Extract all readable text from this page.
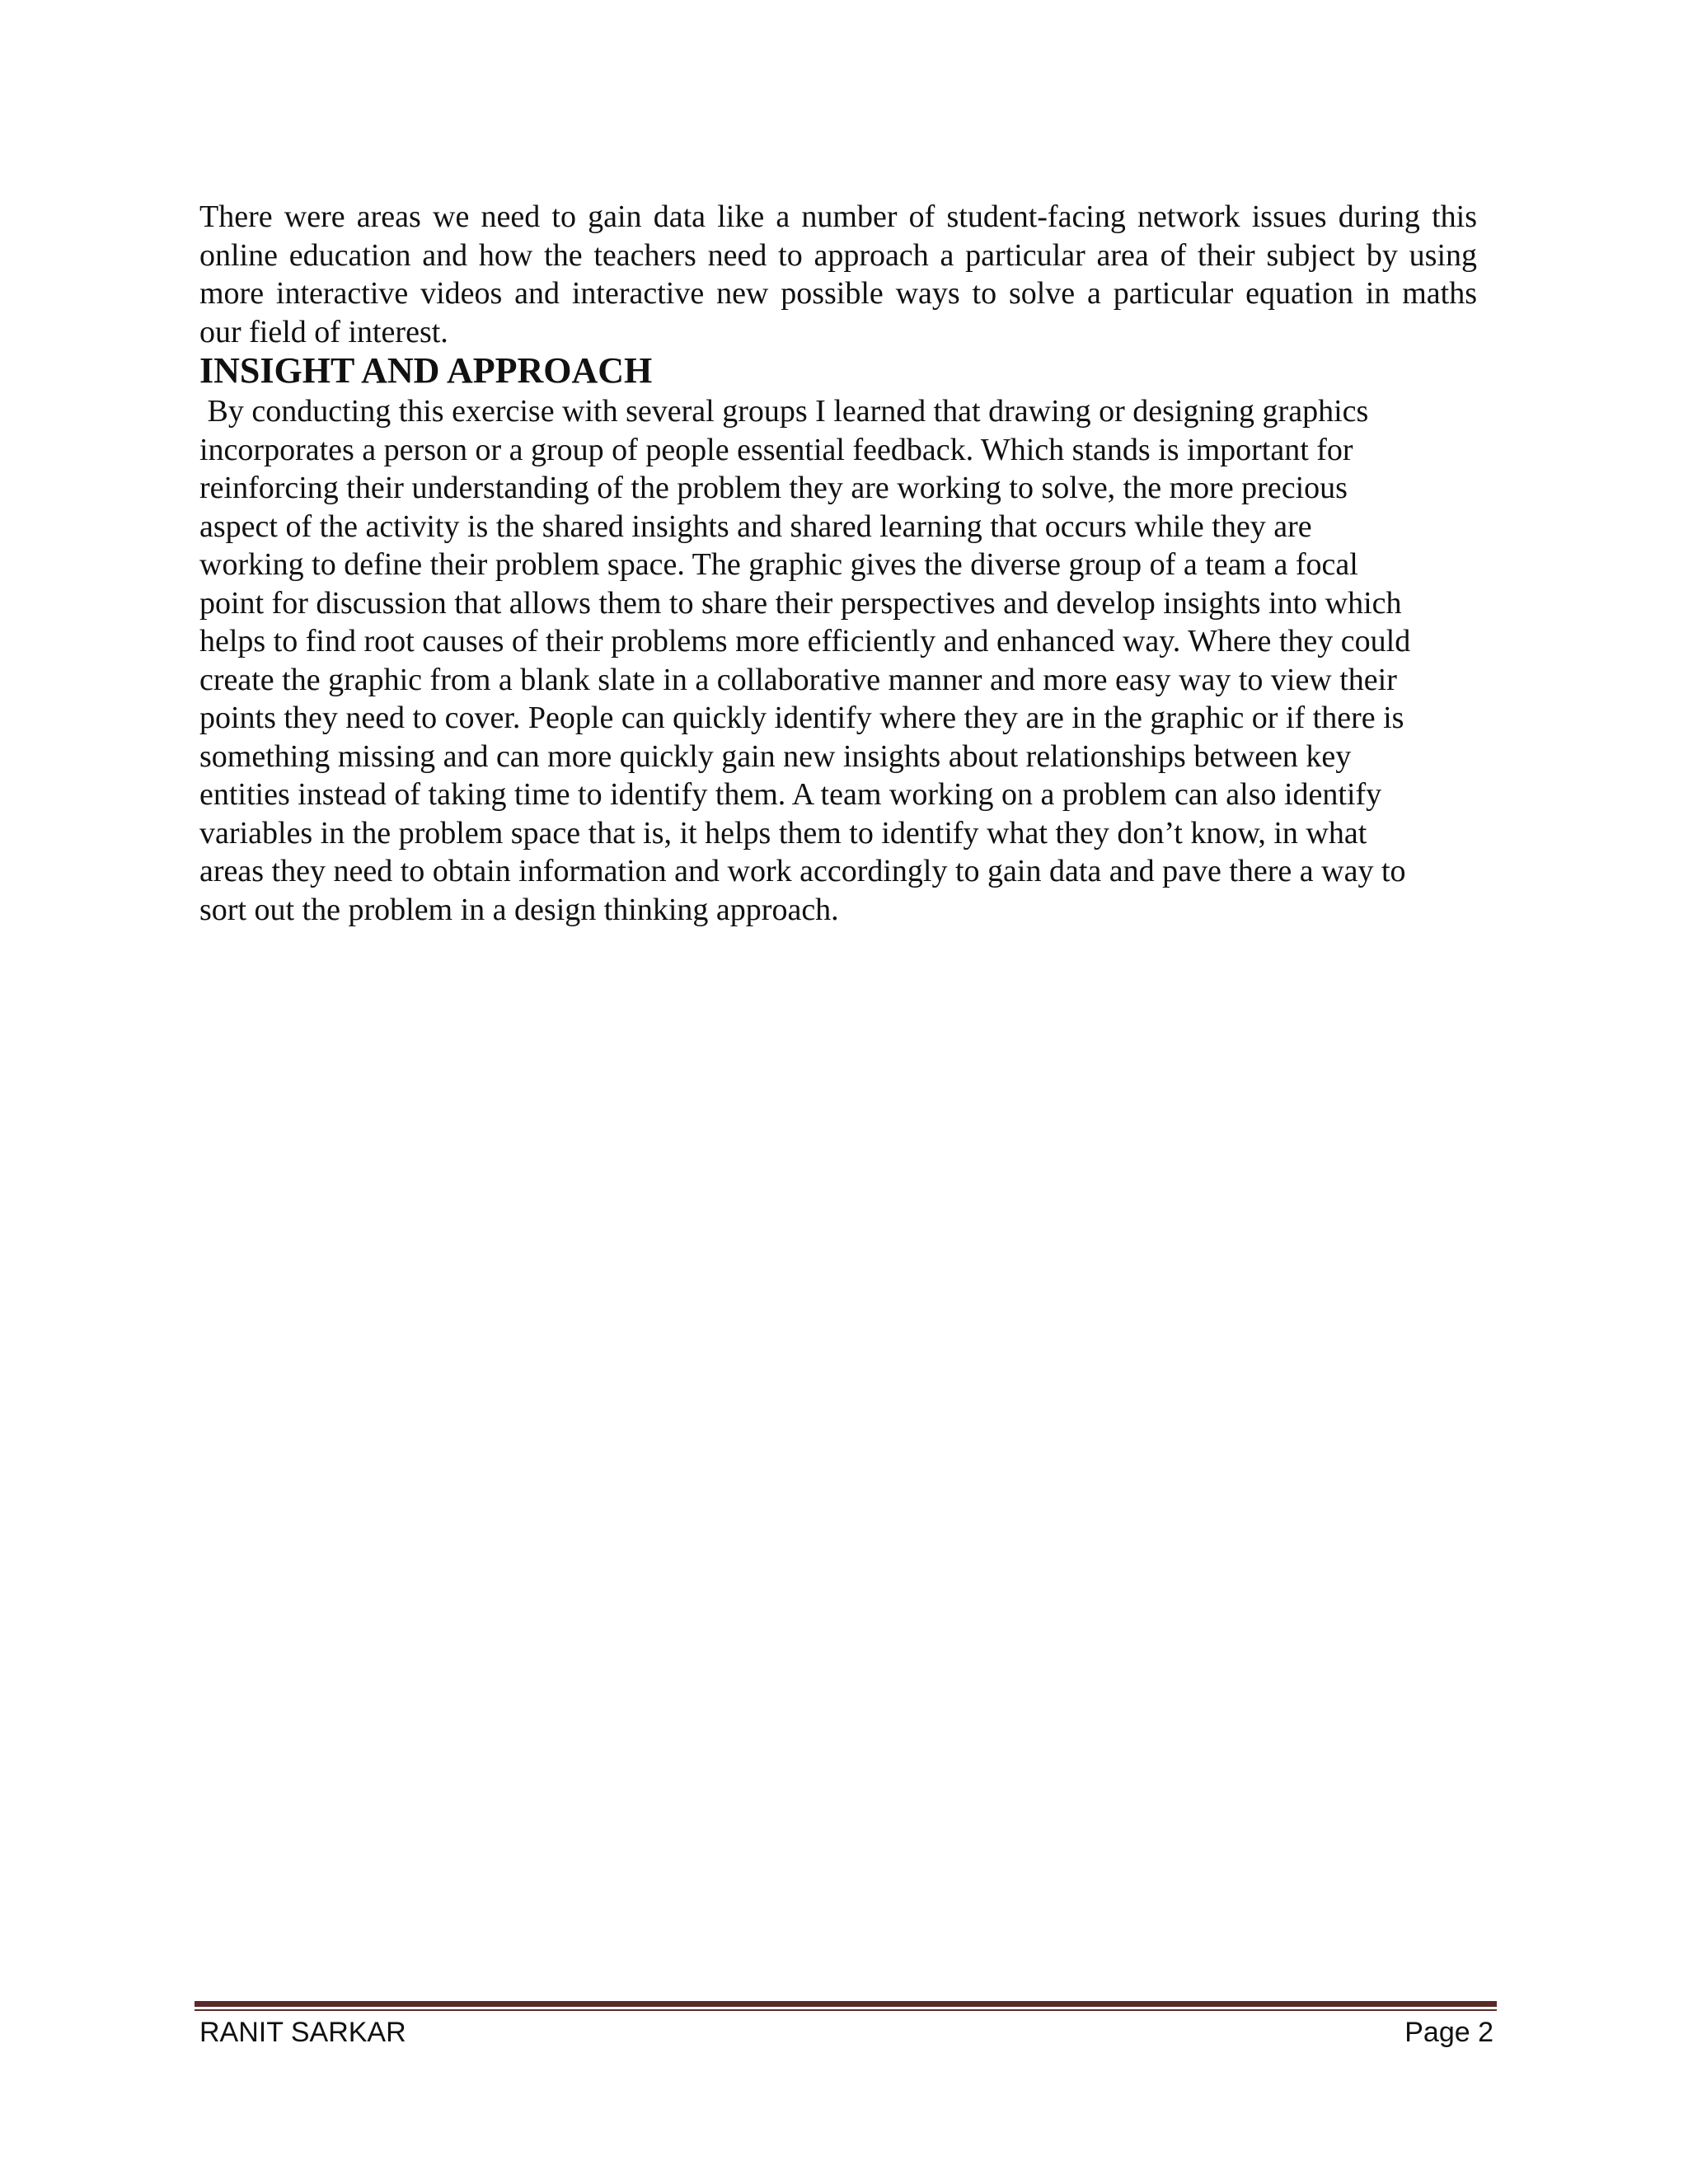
There were areas we need to gain data like a number of student-facing network issues during this
online education and how the teachers need to approach a particular area of their subject by using
more interactive videos and interactive new possible ways to solve a particular equation in maths
our field of interest.
INSIGHT AND APPROACH
By conducting this exercise with several groups I learned that drawing or designing graphics
incorporates a person or a group of people essential feedback. Which stands is important for
reinforcing their understanding of the problem they are working to solve, the more precious
aspect of the activity is the shared insights and shared learning that occurs while they are
working to define their problem space. The graphic gives the diverse group of a team a focal
point for discussion that allows them to share their perspectives and develop insights into which
helps to find root causes of their problems more efficiently and enhanced way. Where they could
create the graphic from a blank slate in a collaborative manner and more easy way to view their
points they need to cover. People can quickly identify where they are in the graphic or if there is
something missing and can more quickly gain new insights about relationships between key
entities instead of taking time to identify them. A team working on a problem can also identify
variables in the problem space that is, it helps them to identify what they don’t know, in what
areas they need to obtain information and work accordingly to gain data and pave there a way to
sort out the problem in a design thinking approach.
RANIT SARKAR	Page 2
